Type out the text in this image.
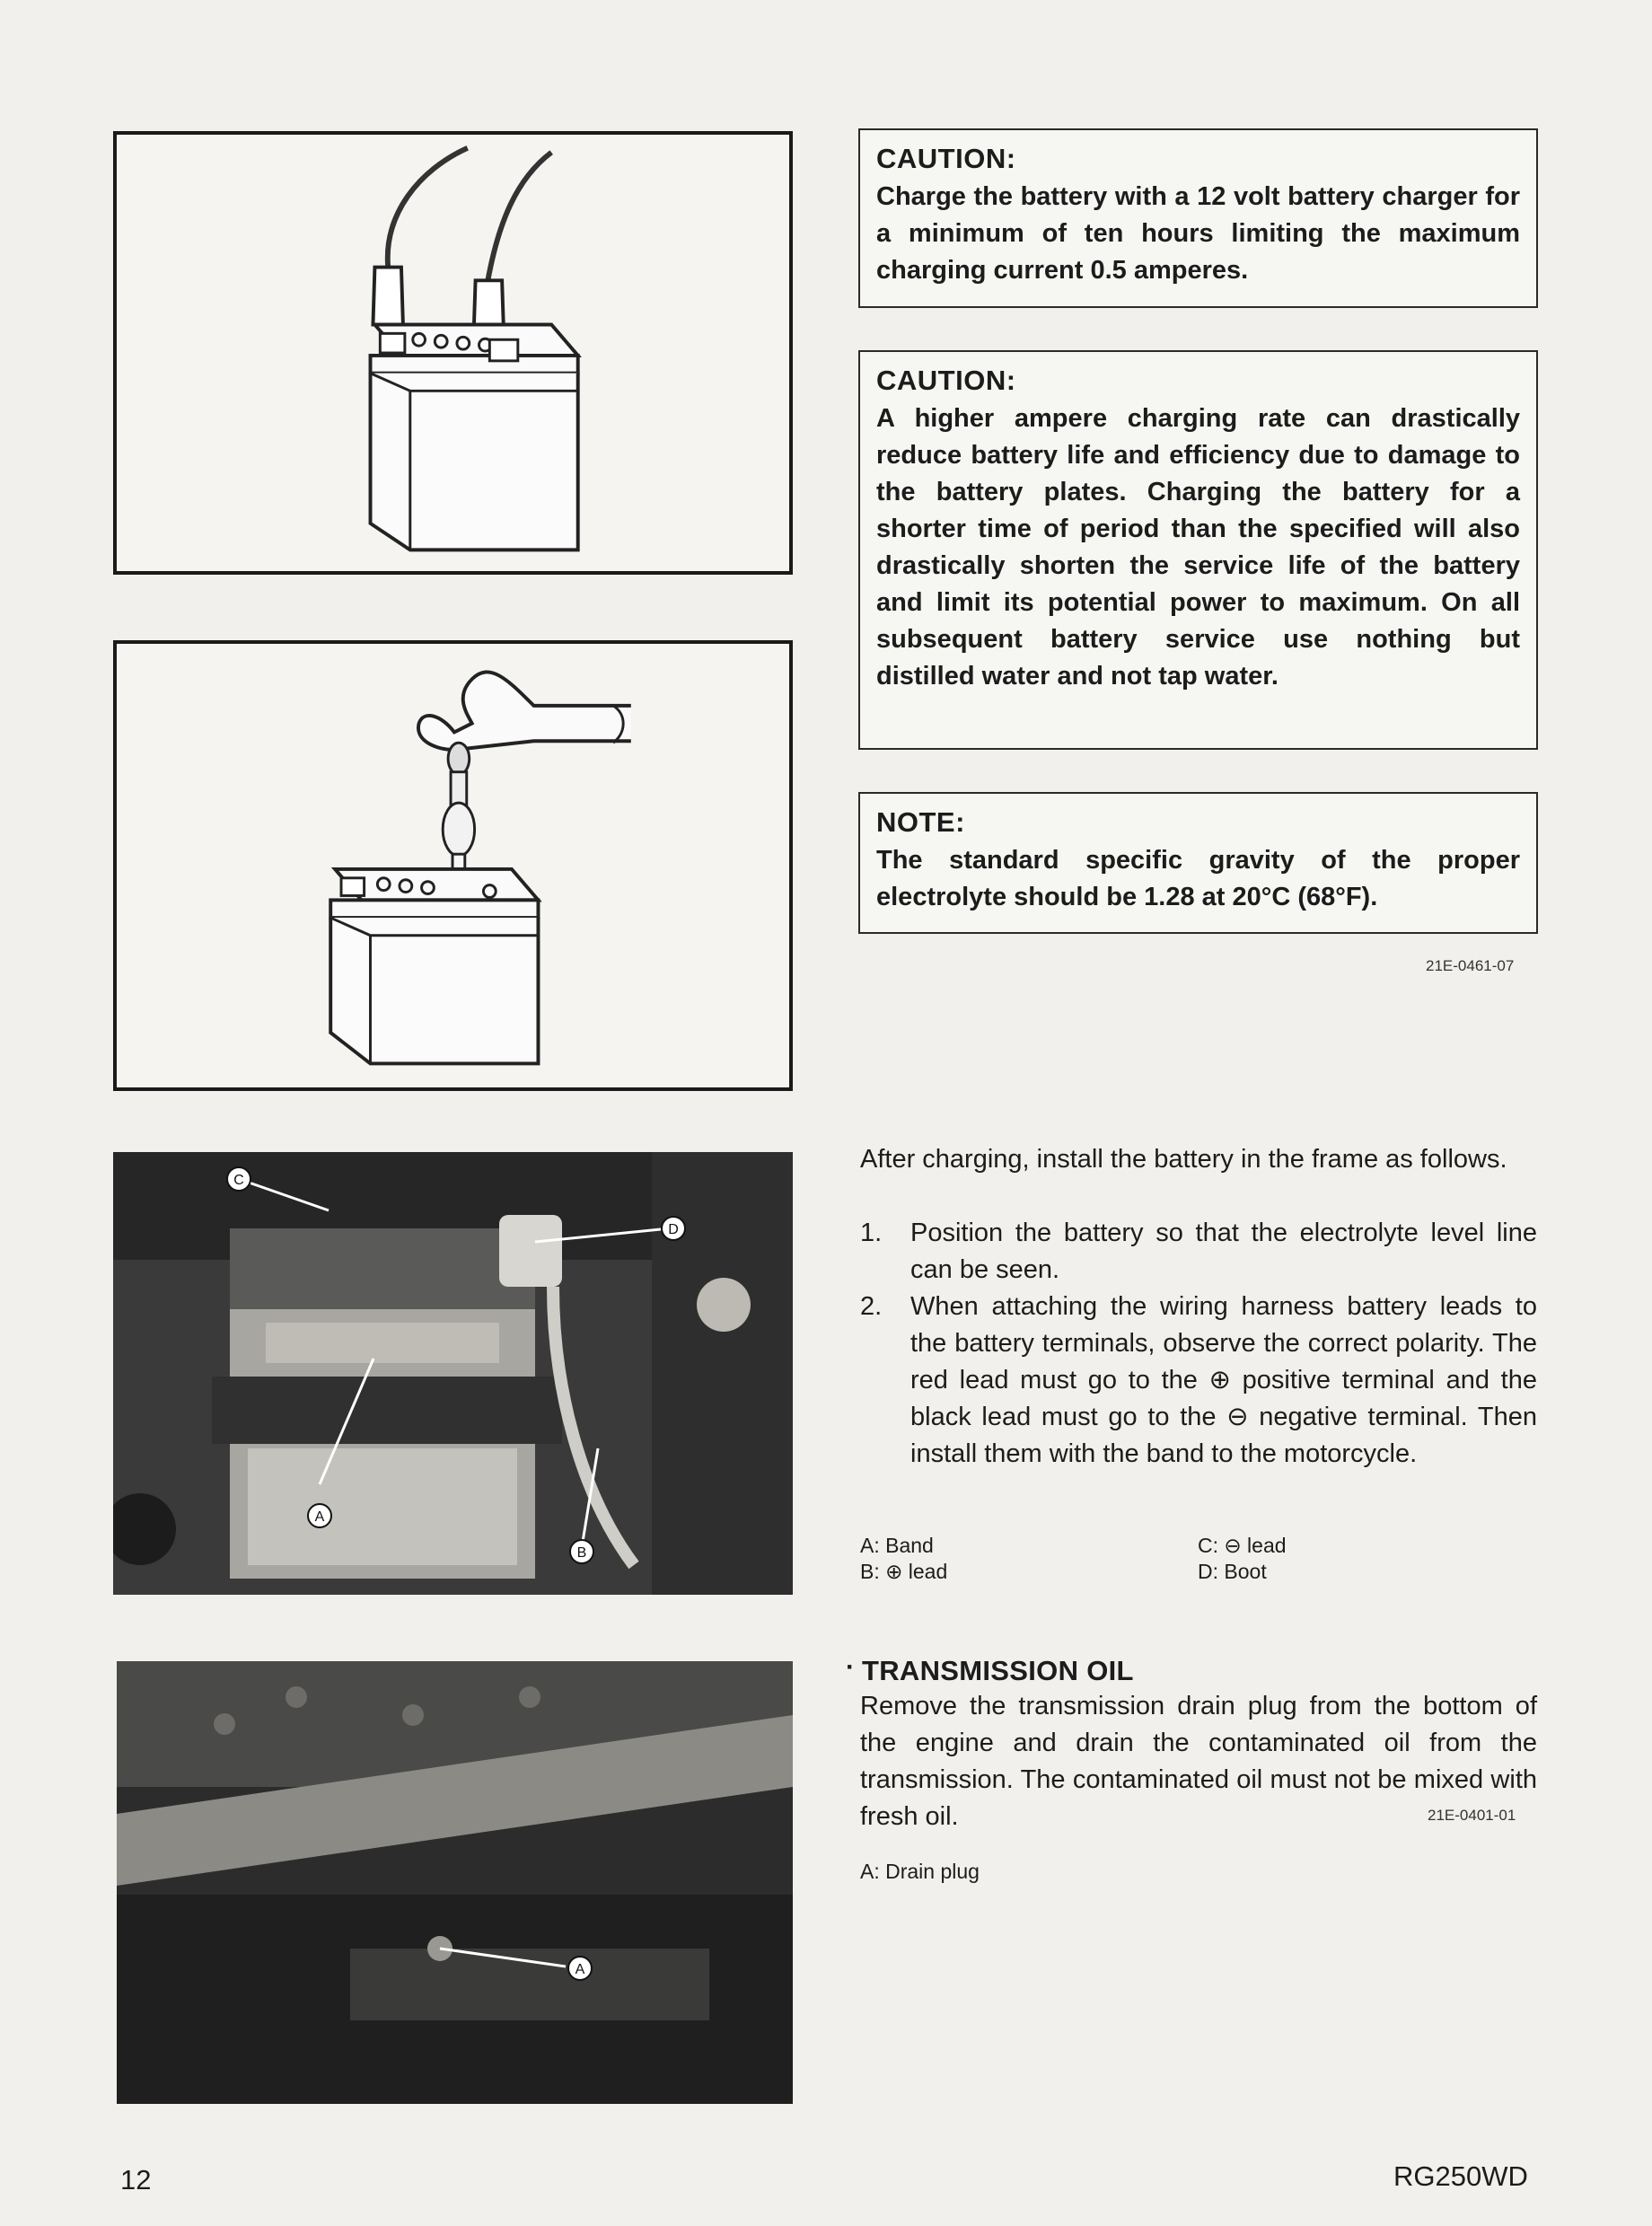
C
D
A
B
A

CAUTION:

Charge the battery with a 12 volt battery charger for a minimum of ten hours limiting the maximum charging current 0.5 amperes.

CAUTION:

A higher ampere charging rate can drastically reduce battery life and efficiency due to damage to the battery plates. Charging the battery for a shorter time of period than the specified will also drastically shorten the service life of the battery and limit its potential power to maximum. On all subsequent battery service use nothing but distilled water and not tap water.

NOTE:

The standard specific gravity of the proper electrolyte should be 1.28 at 20°C (68°F).

21E-0461-07

After charging, install the battery in the frame as follows.

1. Position the battery so that the electrolyte level line can be seen.
2. When attaching the wiring harness battery leads to the battery terminals, observe the correct polarity. The red lead must go to the ⊕ positive terminal and the black lead must go to the ⊖ negative terminal. Then install them with the band to the motorcycle.
A: Band
B: ⊕ lead
C: ⊖ lead
D: Boot
· TRANSMISSION OIL

Remove the transmission drain plug from the bottom of the engine and drain the contaminated oil from the transmission. The contaminated oil must not be mixed with fresh oil.	21E-0401-01
A: Drain plug
12	RG250WD
